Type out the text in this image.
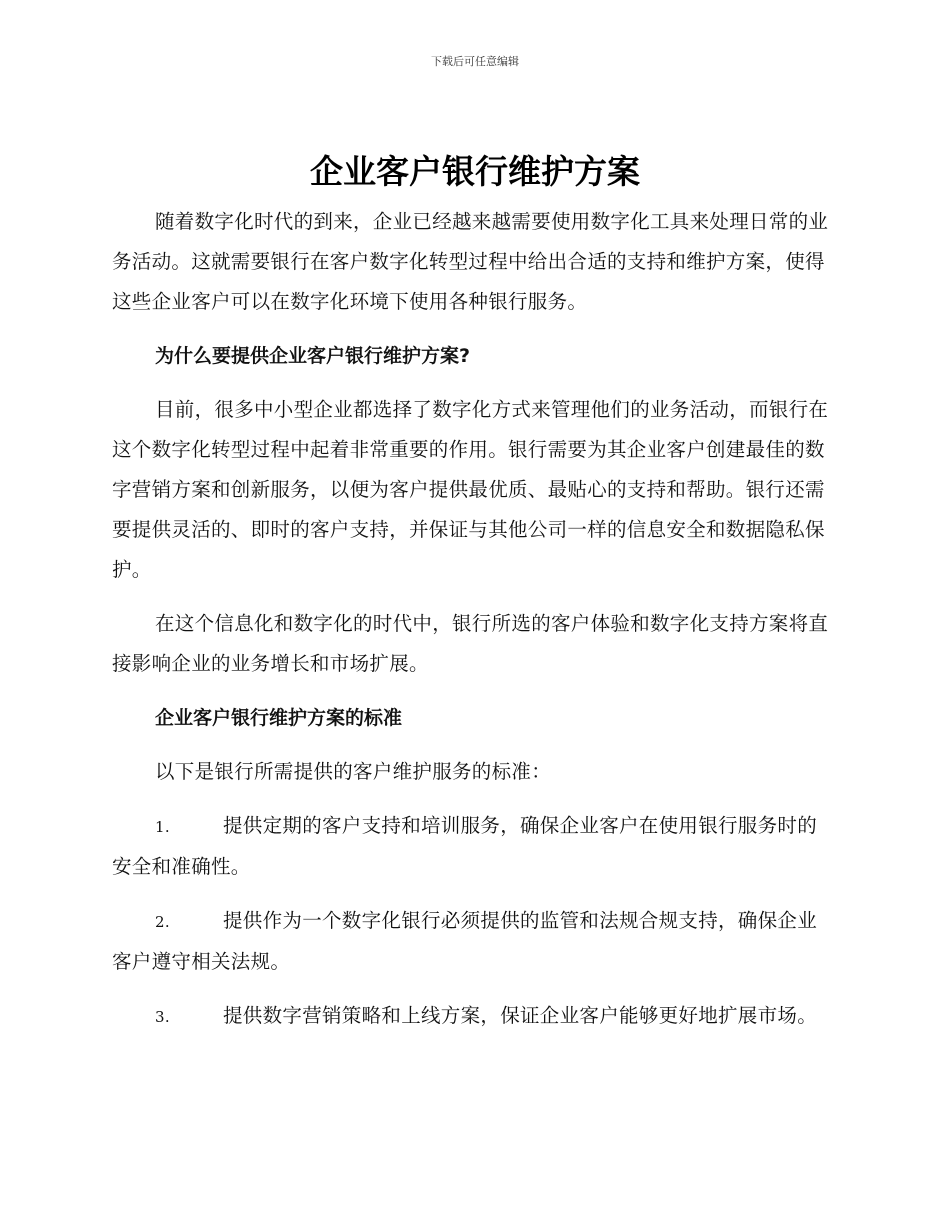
下载后可任意编辑
企业客户银行维护方案

随着数字化时代的到来，企业已经越来越需要使用数字化工具来处理日常的业务活动。这就需要银行在客户数字化转型过程中给出合适的支持和维护方案，使得这些企业客户可以在数字化环境下使用各种银行服务。

为什么要提供企业客户银行维护方案?

目前，很多中小型企业都选择了数字化方式来管理他们的业务活动，而银行在这个数字化转型过程中起着非常重要的作用。银行需要为其企业客户创建最佳的数字营销方案和创新服务，以便为客户提供最优质、最贴心的支持和帮助。银行还需要提供灵活的、即时的客户支持，并保证与其他公司一样的信息安全和数据隐私保护。

在这个信息化和数字化的时代中，银行所选的客户体验和数字化支持方案将直接影响企业的业务增长和市场扩展。

企业客户银行维护方案的标准

以下是银行所需提供的客户维护服务的标准：

1.	提供定期的客户支持和培训服务，确保企业客户在使用银行服务时的安全和准确性。

2.	提供作为一个数字化银行必须提供的监管和法规合规支持，确保企业客户遵守相关法规。

3.	提供数字营销策略和上线方案，保证企业客户能够更好地扩展市场。
